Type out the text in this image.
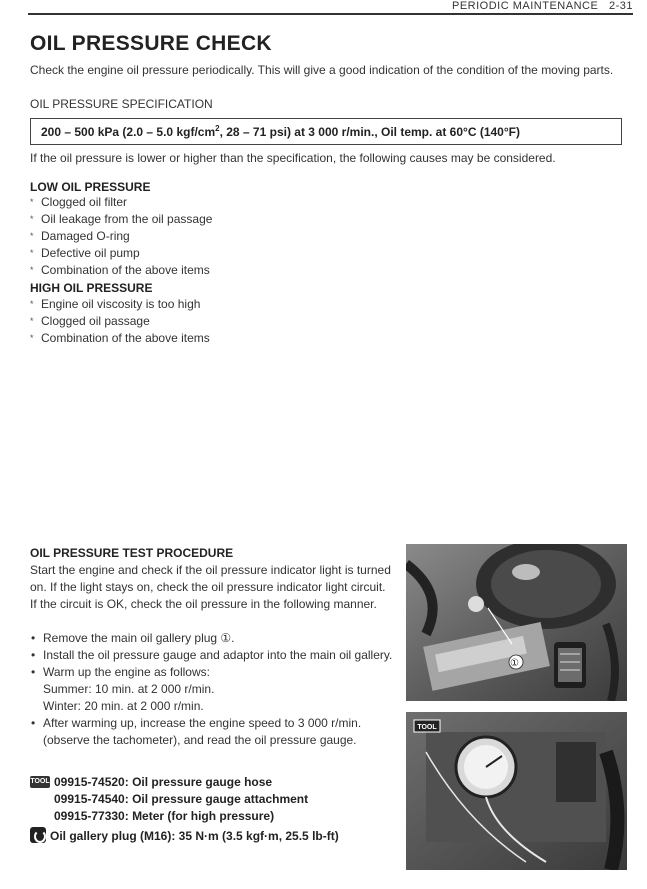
PERIODIC MAINTENANCE 2-31
OIL PRESSURE CHECK

Check the engine oil pressure periodically. This will give a good indication of the condition of the moving parts.

OIL PRESSURE SPECIFICATION
200 – 500 kPa (2.0 – 5.0 kgf/$cm^2$, 28 – 71 psi) at 3 000 r/min., Oil temp. at 60°C (140°F)

If the oil pressure is lower or higher than the specification, the following causes may be considered.

LOW OIL PRESSURE
* Clogged oil filter
* Oil leakage from the oil passage
* Damaged O-ring
* Defective oil pump
* Combination of the above items
HIGH OIL PRESSURE
* Engine oil viscosity is too high
* Clogged oil passage
* Combination of the above items
OIL PRESSURE TEST PROCEDURE

Start the engine and check if the oil pressure indicator light is turned on. If the light stays on, check the oil pressure indicator light circuit. If the circuit is OK, check the oil pressure in the following manner.

• Remove the main oil gallery plug ①.
• Install the oil pressure gauge and adaptor into the main oil gallery.
• Warm up the engine as follows:
Summer: 10 min. at 2 000 r/min.
Winter: 20 min. at 2 000 r/min.
• After warming up, increase the engine speed to 3 000 r/min. (observe the tachometer), and read the oil pressure gauge.
TOOL 09915-74520: Oil pressure gauge hose
09915-74540: Oil pressure gauge attachment
09915-77330: Meter (for high pressure)
Oil gallery plug (M16): 35 N·m (3.5 kgf·m, 25.5 lb-ft)
①
TOOL
